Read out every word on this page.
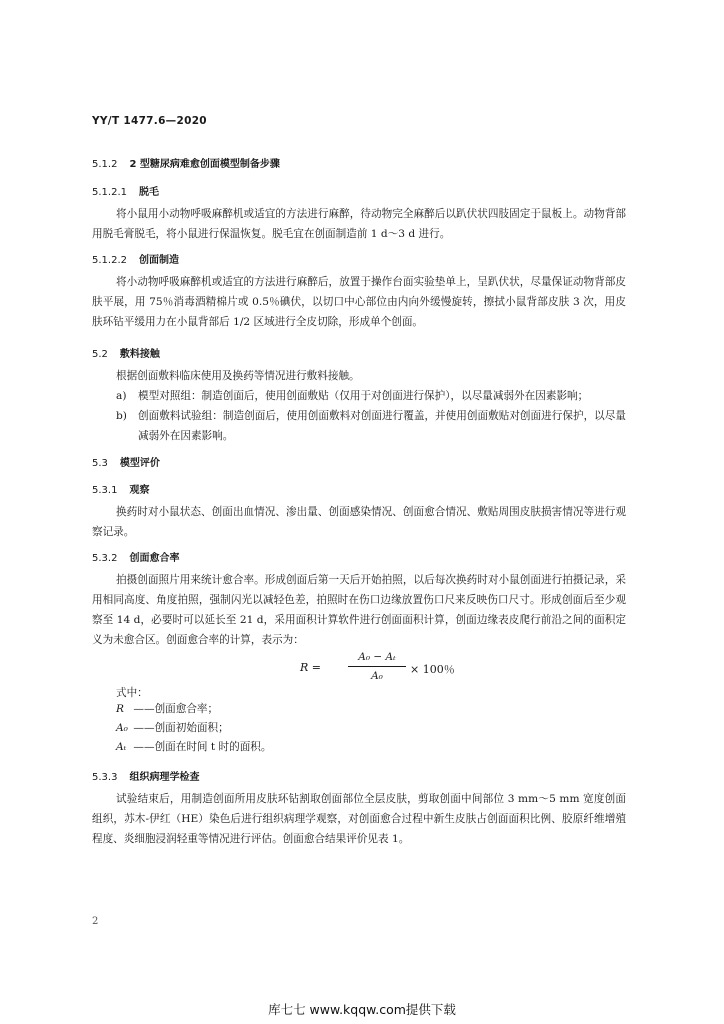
YY/T 1477.6—2020
5.1.2 2 型糖尿病难愈创面模型制备步骤
5.1.2.1 脱毛
将小鼠用小动物呼吸麻醉机或适宜的方法进行麻醉，待动物完全麻醉后以趴伏状四肢固定于鼠板上。动物背部用脱毛膏脱毛，将小鼠进行保温恢复。脱毛宜在创面制造前 1 d～3 d 进行。
5.1.2.2 创面制造
将小动物呼吸麻醉机或适宜的方法进行麻醉后，放置于操作台面实验垫单上，呈趴伏状，尽量保证动物背部皮肤平展，用 75％消毒酒精棉片或 0.5％碘伏，以切口中心部位由内向外缓慢旋转，擦拭小鼠背部皮肤 3 次，用皮肤环钻平缓用力在小鼠背部后 1/2 区域进行全皮切除，形成单个创面。
5.2 敷料接触
根据创面敷料临床使用及换药等情况进行敷料接触。
a)	模型对照组：制造创面后，使用创面敷贴（仅用于对创面进行保护），以尽量减弱外在因素影响；
b)	创面敷料试验组：制造创面后，使用创面敷料对创面进行覆盖，并使用创面敷贴对创面进行保护，以尽量减弱外在因素影响。
5.3 模型评价
5.3.1 观察
换药时对小鼠状态、创面出血情况、渗出量、创面感染情况、创面愈合情况、敷贴周围皮肤损害情况等进行观察记录。
5.3.2 创面愈合率
拍摄创面照片用来统计愈合率。形成创面后第一天后开始拍照，以后每次换药时对小鼠创面进行拍摄记录，采用相同高度、角度拍照，强制闪光以减轻色差，拍照时在伤口边缘放置伤口尺来反映伤口尺寸。形成创面后至少观察至 14 d，必要时可以延长至 21 d，采用面积计算软件进行创面面积计算，创面边缘表皮爬行前沿之间的面积定义为未愈合区。创面愈合率的计算，表示为：
R =
A₀ − Aₜ
A₀	× 100％
式中：
R ——创面愈合率；
A₀ ——创面初始面积；
Aₜ ——创面在时间 t 时的面积。
5.3.3 组织病理学检查
试验结束后，用制造创面所用皮肤环钻割取创面部位全层皮肤，剪取创面中间部位 3 mm～5 mm 宽度创面组织，苏木-伊红（HE）染色后进行组织病理学观察，对创面愈合过程中新生皮肤占创面面积比例、胶原纤维增殖程度、炎细胞浸润轻重等情况进行评估。创面愈合结果评价见表 1。
2
库七七 www.kqqw.com提供下载
